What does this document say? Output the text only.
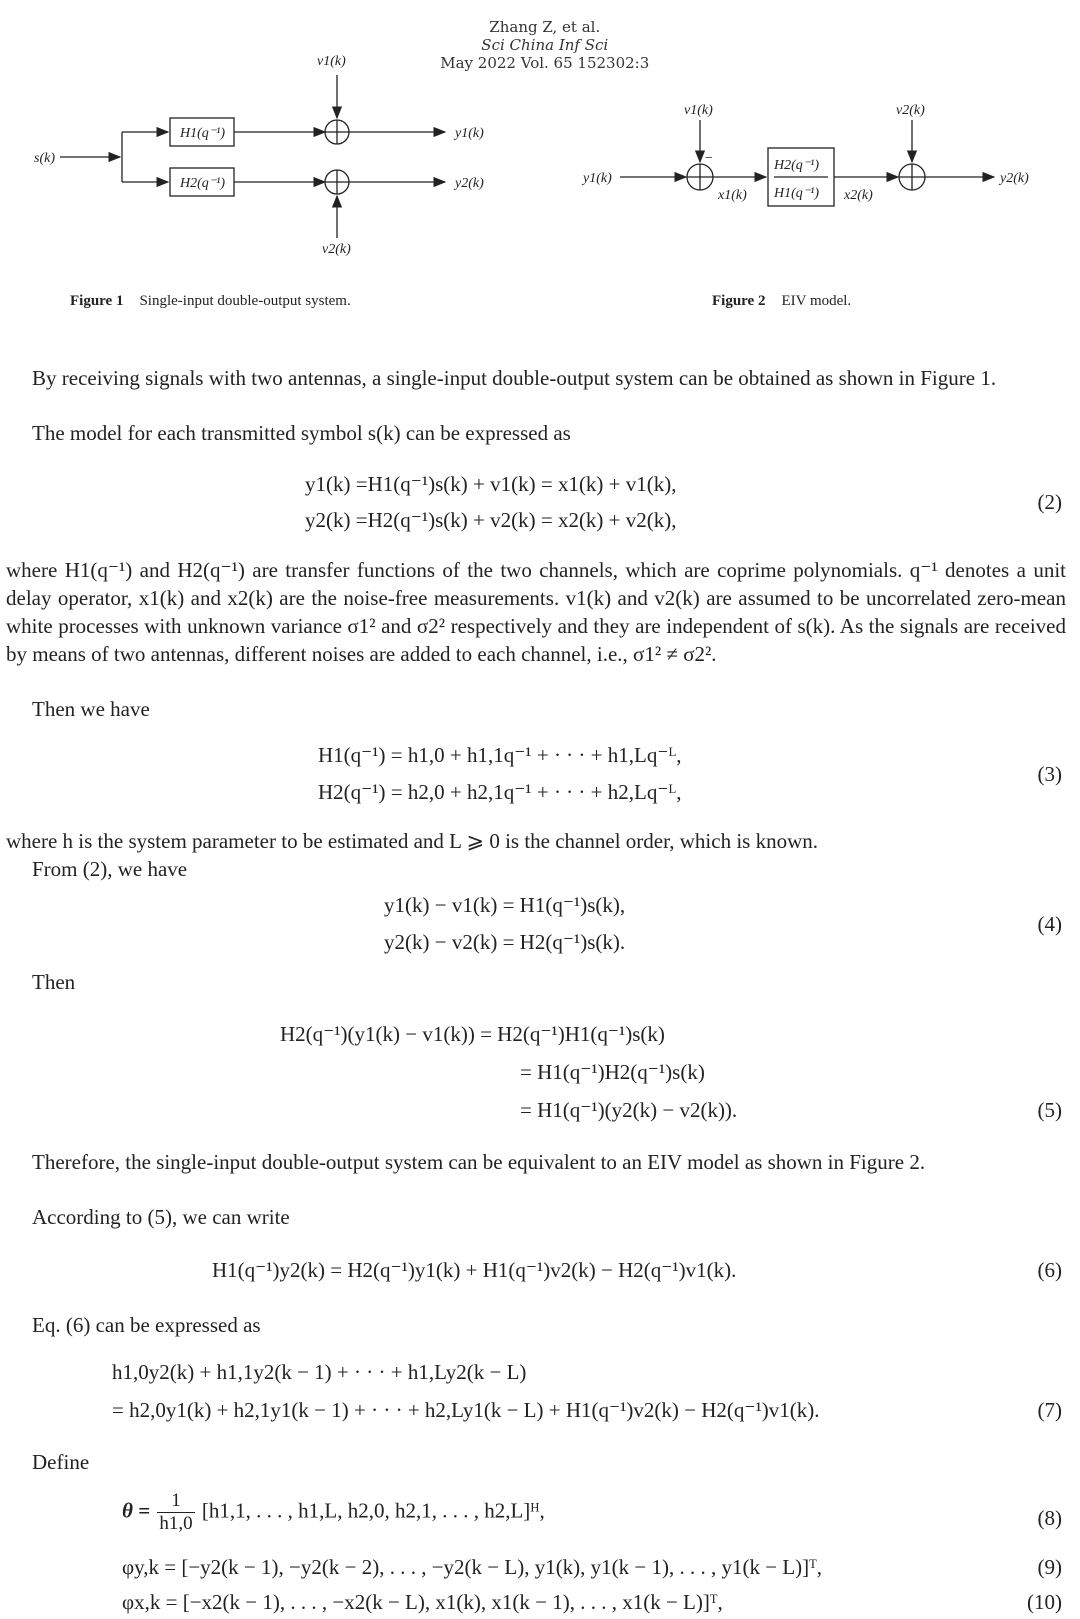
Zhang Z, et al.
Sci China Inf Sci
May 2022 Vol. 65 152302:3

s(k)
H1(q⁻¹)
H2(q⁻¹)
v1(k)
v2(k)
y1(k)
y2(k)	y1(k)
v1(k)
−
x1(k)
H2(q⁻¹)
H1(q⁻¹) x2(k)
v2(k)
y2(k)
Figure 1 Single-input double-output system.	Figure 2 EIV model.
By receiving signals with two antennas, a single-input double-output system can be obtained as shown in Figure 1.
The model for each transmitted symbol s(k) can be expressed as
y1(k) =H1(q⁻¹)s(k) + v1(k) = x1(k) + v1(k),
y2(k) =H2(q⁻¹)s(k) + v2(k) = x2(k) + v2(k),
(2)
where H1(q⁻¹) and H2(q⁻¹) are transfer functions of the two channels, which are coprime polynomials. q⁻¹ denotes a unit delay operator, x1(k) and x2(k) are the noise-free measurements. v1(k) and v2(k) are assumed to be uncorrelated zero-mean white processes with unknown variance σ1² and σ2² respectively and they are independent of s(k). As the signals are received by means of two antennas, different noises are added to each channel, i.e., σ1² ≠ σ2².
Then we have
H1(q⁻¹) = h1,0 + h1,1q⁻¹ + · · · + h1,Lq⁻ᴸ,
H2(q⁻¹) = h2,0 + h2,1q⁻¹ + · · · + h2,Lq⁻ᴸ,
(3)
where h is the system parameter to be estimated and L ⩾ 0 is the channel order, which is known.
From (2), we have
y1(k) − v1(k) = H1(q⁻¹)s(k),
y2(k) − v2(k) = H2(q⁻¹)s(k).
(4)
Then
H2(q⁻¹)(y1(k) − v1(k)) = H2(q⁻¹)H1(q⁻¹)s(k)
= H1(q⁻¹)H2(q⁻¹)s(k)
= H1(q⁻¹)(y2(k) − v2(k)).	(5)
Therefore, the single-input double-output system can be equivalent to an EIV model as shown in Figure 2.
According to (5), we can write
H1(q⁻¹)y2(k) = H2(q⁻¹)y1(k) + H1(q⁻¹)v2(k) − H2(q⁻¹)v1(k).	(6)
Eq. (6) can be expressed as
h1,0y2(k) + h1,1y2(k − 1) + · · · + h1,Ly2(k − L)
= h2,0y1(k) + h2,1y1(k − 1) + · · · + h2,Ly1(k − L) + H1(q⁻¹)v2(k) − H2(q⁻¹)v1(k).	(7)
Define
$\theta = \frac{1}{h1,0} [h1,1$, . . . , h1,L, h2,0, h2,1, . . . , h2,L]ᴴ,	(8)
φy,k = [−y2(k − 1), −y2(k − 2), . . . , −y2(k − L), y1(k), y1(k − 1), . . . , y1(k − L)]ᵀ,	(9)
φx,k = [−x2(k − 1), . . . , −x2(k − L), x1(k), x1(k − 1), . . . , x1(k − L)]ᵀ,	(10)
